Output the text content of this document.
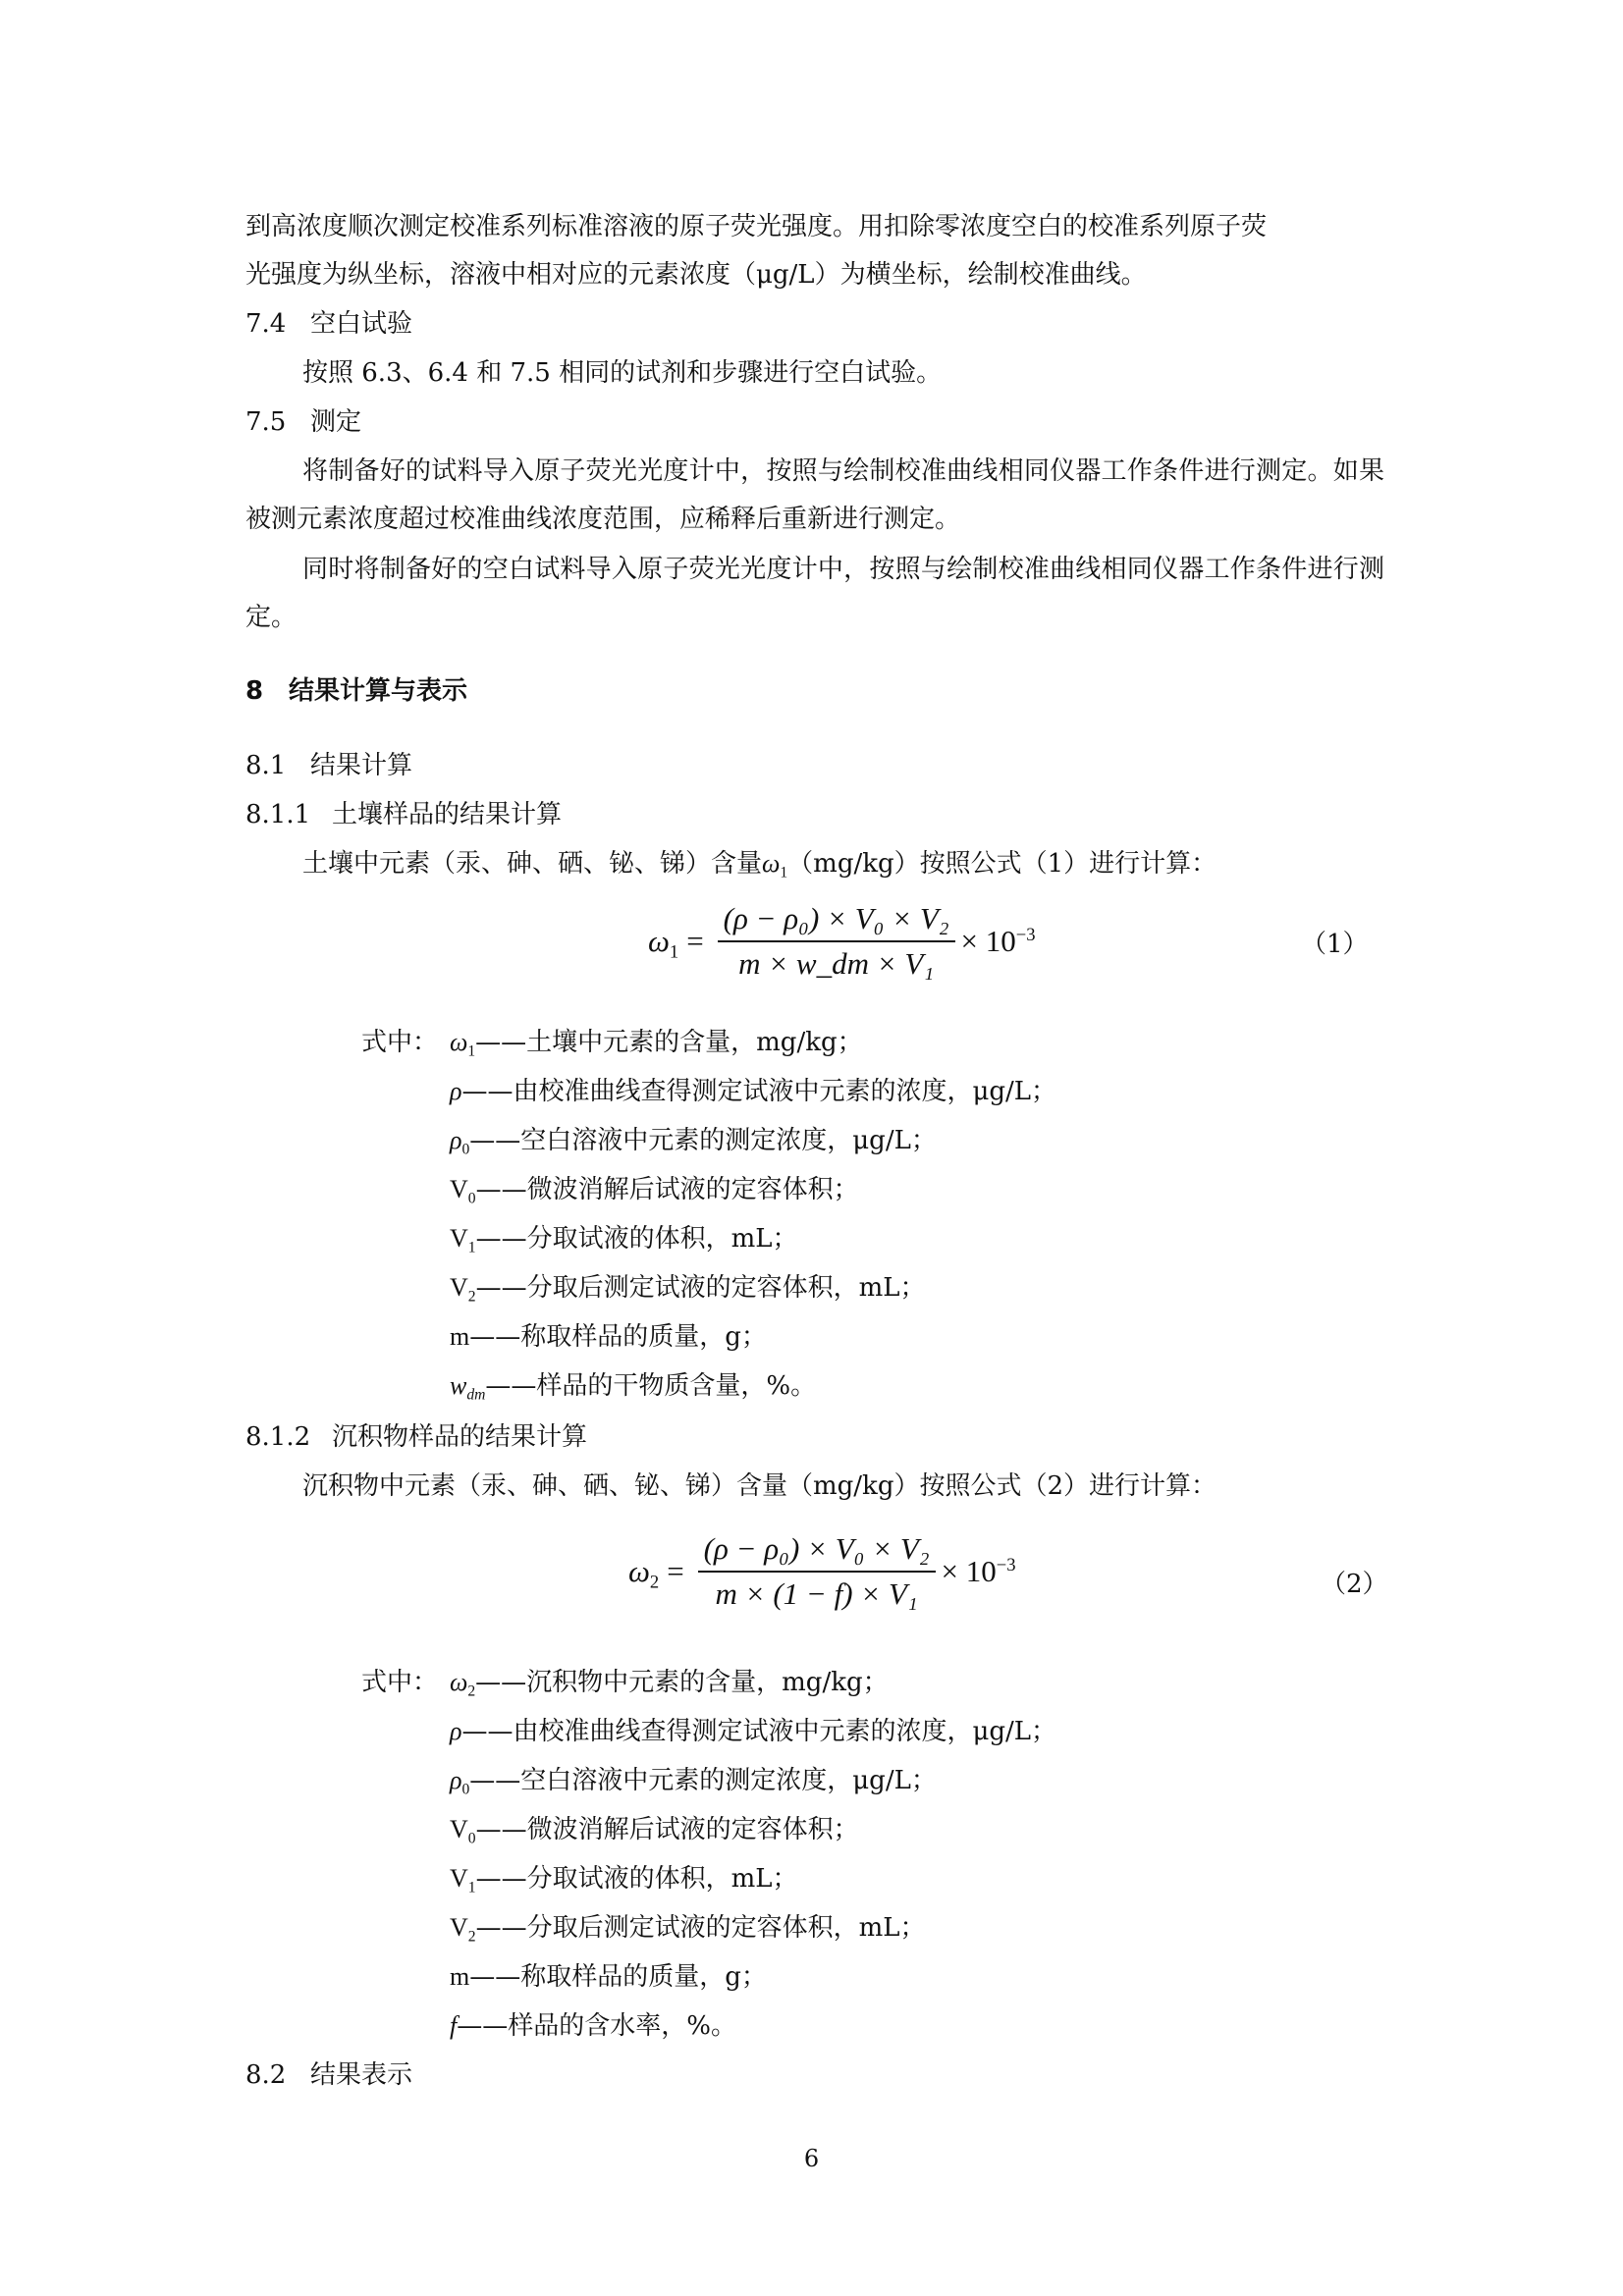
到高浓度顺次测定校准系列标准溶液的原子荧光强度。用扣除零浓度空白的校准系列原子荧
光强度为纵坐标，溶液中相对应的元素浓度（μg/L）为横坐标，绘制校准曲线。
7.4 空白试验
按照 6.3、6.4 和 7.5 相同的试剂和步骤进行空白试验。
7.5 测定
将制备好的试料导入原子荧光光度计中，按照与绘制校准曲线相同仪器工作条件进行测定。如果被测元素浓度超过校准曲线浓度范围，应稀释后重新进行测定。
同时将制备好的空白试料导入原子荧光光度计中，按照与绘制校准曲线相同仪器工作条件进行测定。
8 结果计算与表示
8.1 结果计算
8.1.1 土壤样品的结果计算
土壤中元素（汞、砷、硒、铋、锑）含量$\omega_1(mg/kg)$按照公式（1）进行计算：
$\omega_1 = \frac{\text{(ρ − ρ₀) × V₀ × V₂}}{\text{m × w\_dm × V₁}} \times 10^{-3}$	（1）
式中： $\omega_1——$土壤中元素的含量，mg/kg；
ρ——由校准曲线查得测定试液中元素的浓度，μg/L；
$\rho_0——$空白溶液中元素的测定浓度，μg/L；
$V_0——$微波消解后试液的定容体积；
$V_1——$分取试液的体积，mL；
$V_2——$分取后测定试液的定容体积，mL；
m——称取样品的质量，g；
$w_{dm}——$样品的干物质含量，%。
8.1.2 沉积物样品的结果计算
沉积物中元素（汞、砷、硒、铋、锑）含量（mg/kg）按照公式（2）进行计算：
$\omega_2 = \frac{\text{(ρ − ρ₀) × V₀ × V₂}}{\text{m × (1 − f) × V₁}} \times 10^{-3}$
（2）
式中： $\omega_2——$沉积物中元素的含量，mg/kg；
ρ——由校准曲线查得测定试液中元素的浓度，μg/L；
$\rho_0——$空白溶液中元素的测定浓度，μg/L；
$V_0——$微波消解后试液的定容体积；
$V_1——$分取试液的体积，mL；
$V_2——$分取后测定试液的定容体积，mL；
m——称取样品的质量，g；
f——样品的含水率，%。
8.2 结果表示
6
